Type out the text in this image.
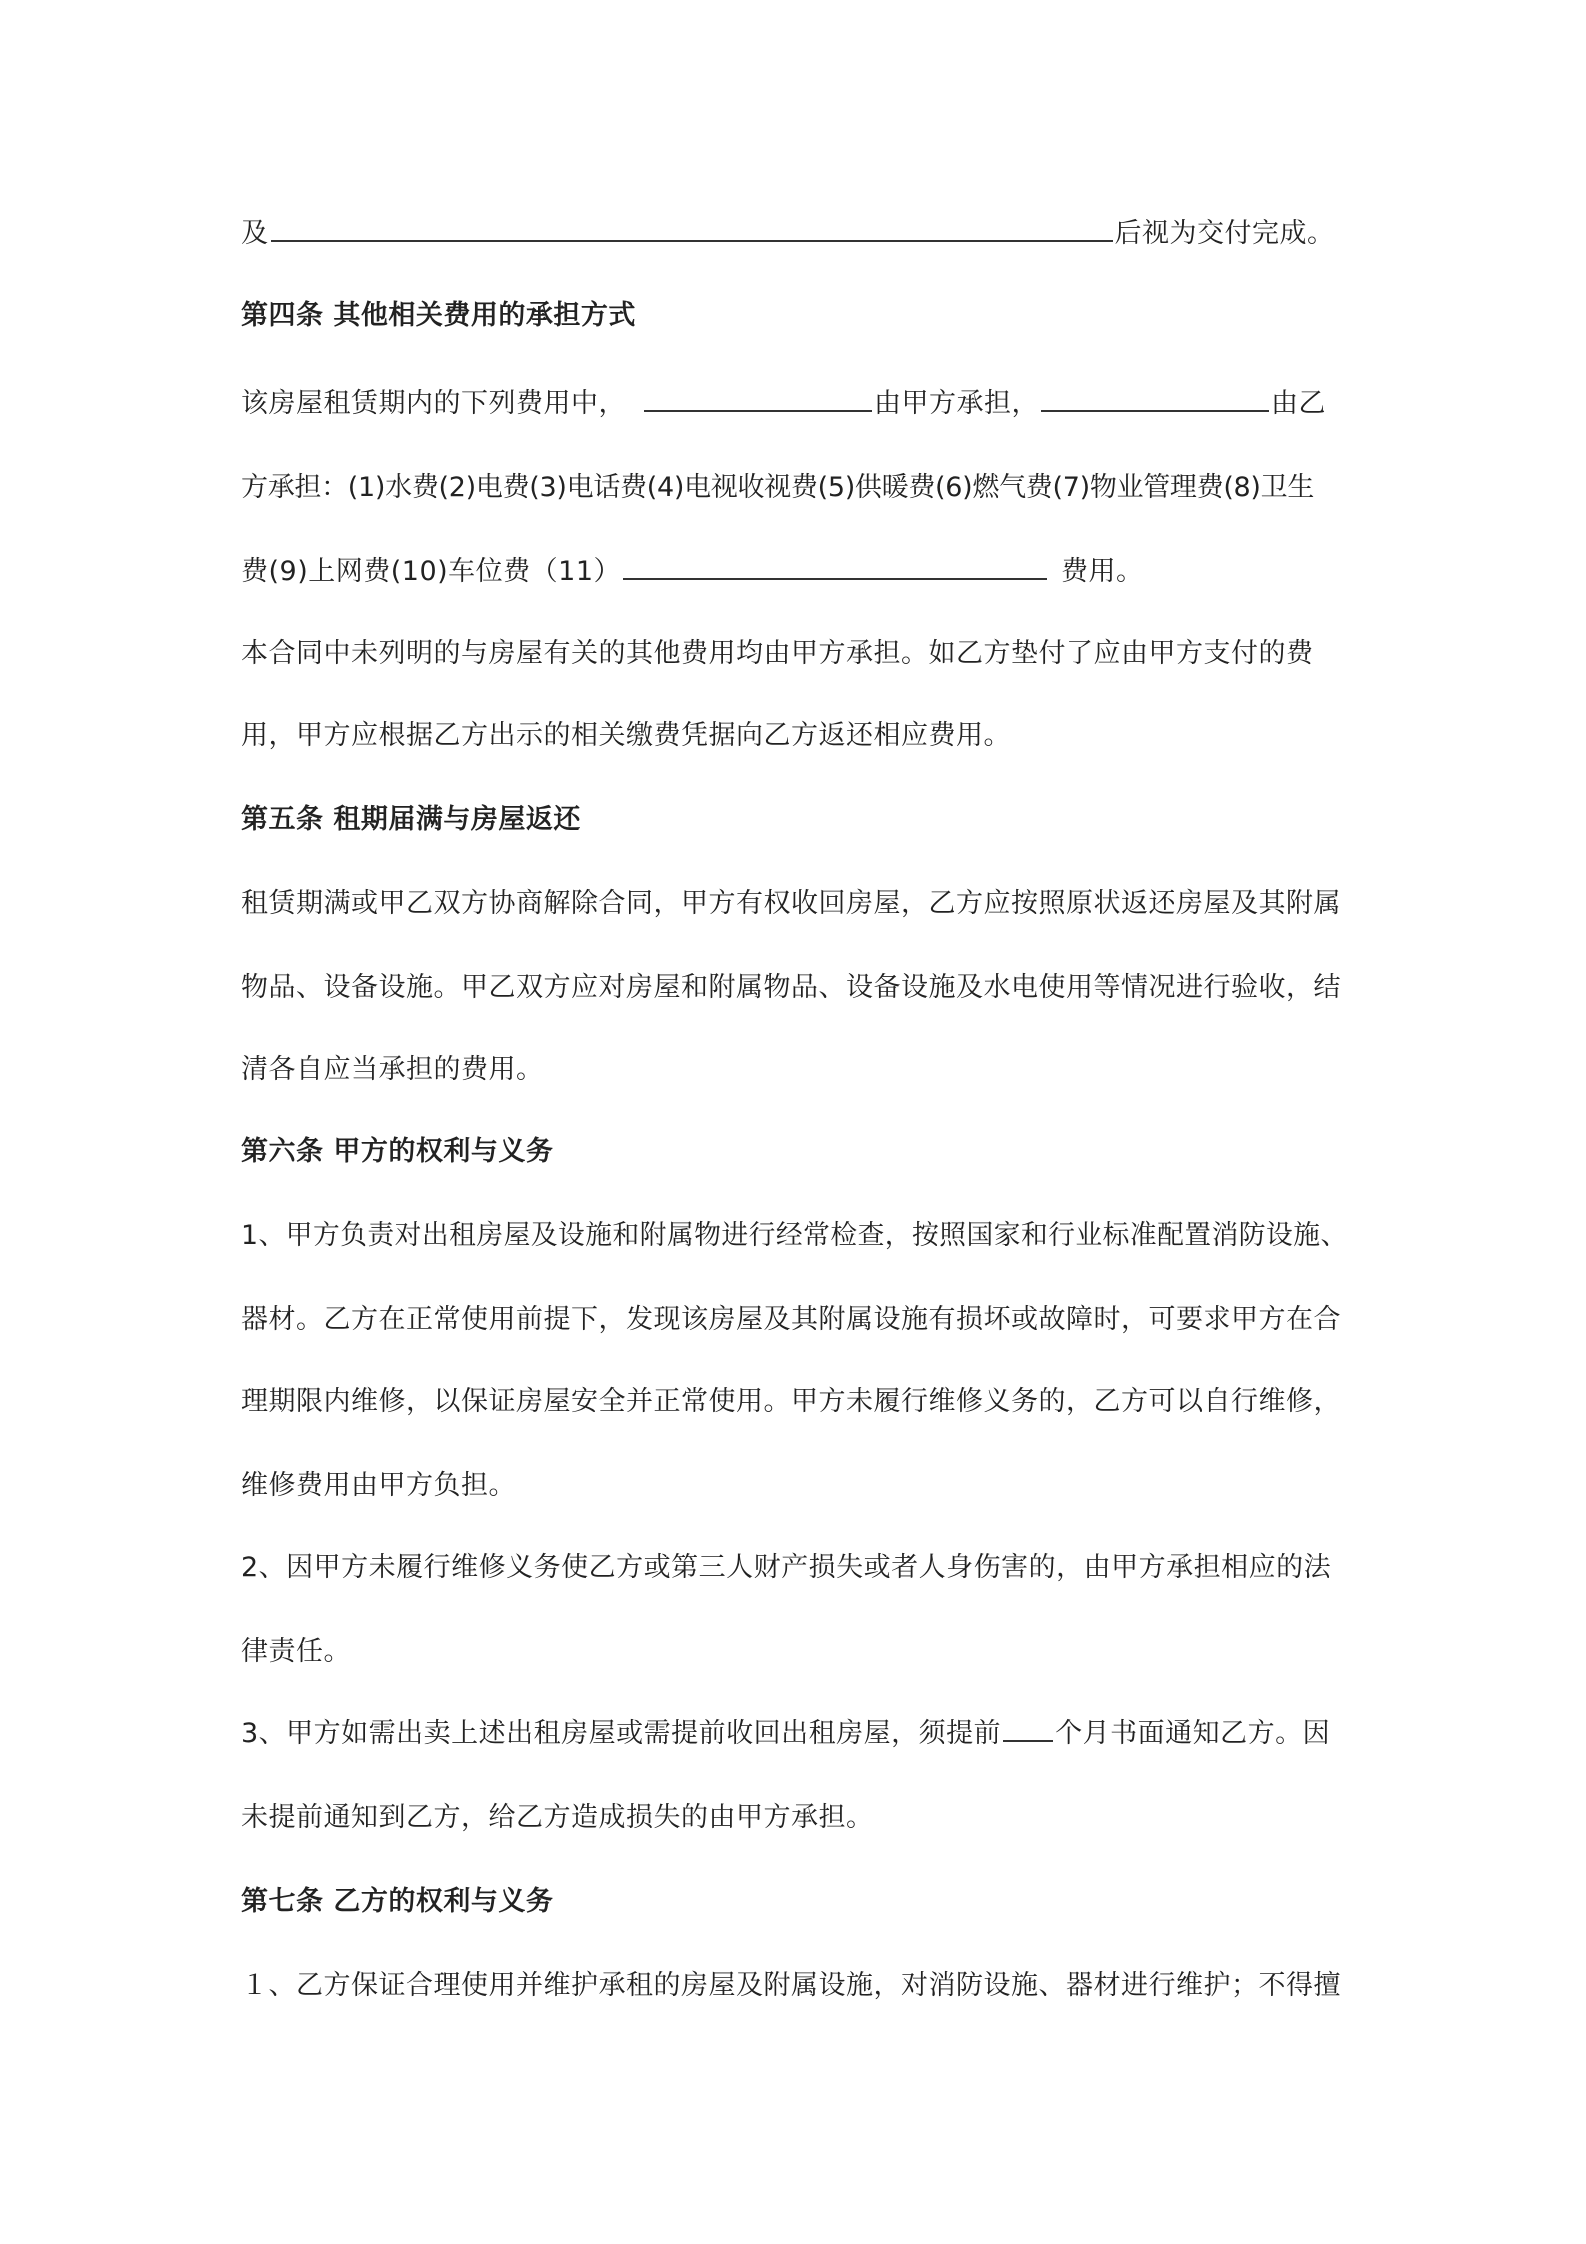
及	后视为交付完成。
第四条 其他相关费用的承担方式
该房屋租赁期内的下列费用中，	由甲方承担，	由乙
方承担：(1)水费(2)电费(3)电话费(4)电视收视费(5)供暖费(6)燃气费(7)物业管理费(8)卫生
费(9)上网费(10)车位费（11）	费用。
本合同中未列明的与房屋有关的其他费用均由甲方承担。如乙方垫付了应由甲方支付的费
用，甲方应根据乙方出示的相关缴费凭据向乙方返还相应费用。
第五条 租期届满与房屋返还
租赁期满或甲乙双方协商解除合同，甲方有权收回房屋，乙方应按照原状返还房屋及其附属
物品、设备设施。甲乙双方应对房屋和附属物品、设备设施及水电使用等情况进行验收，结
清各自应当承担的费用。
第六条 甲方的权利与义务
1、甲方负责对出租房屋及设施和附属物进行经常检查，按照国家和行业标准配置消防设施、
器材。乙方在正常使用前提下，发现该房屋及其附属设施有损坏或故障时，可要求甲方在合
理期限内维修，以保证房屋安全并正常使用。甲方未履行维修义务的，乙方可以自行维修，
维修费用由甲方负担。
2、因甲方未履行维修义务使乙方或第三人财产损失或者人身伤害的，由甲方承担相应的法
律责任。
3、甲方如需出卖上述出租房屋或需提前收回出租房屋，须提前 个月书面通知乙方。因
未提前通知到乙方，给乙方造成损失的由甲方承担。
第七条 乙方的权利与义务
１、乙方保证合理使用并维护承租的房屋及附属设施，对消防设施、器材进行维护；不得擅
